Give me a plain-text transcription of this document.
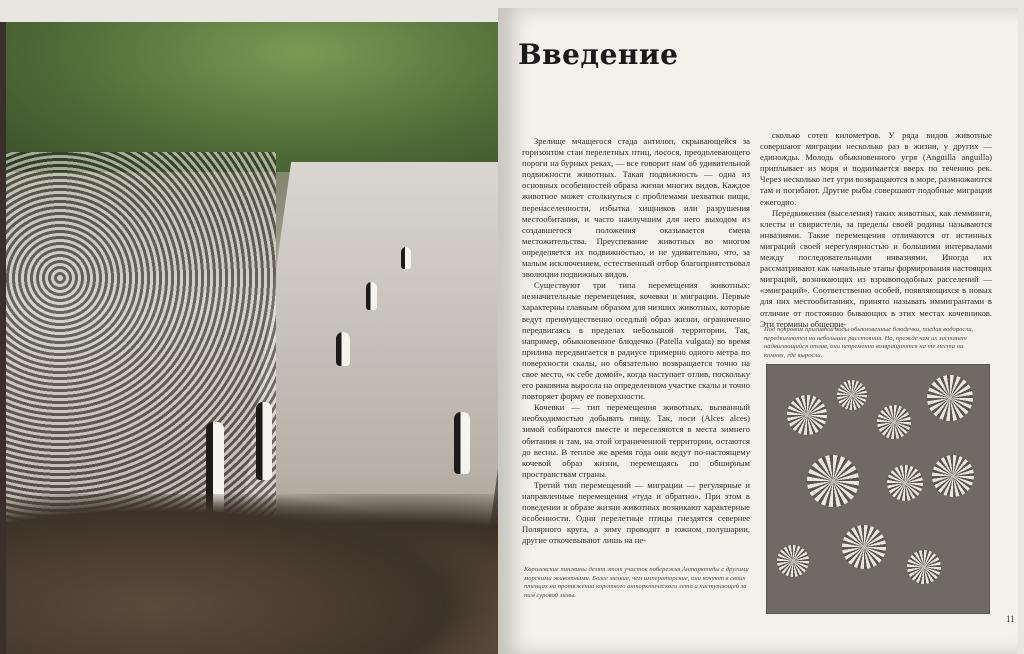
Введение

Зрелище мчащегося стада антилоп, скрывающейся за горизонтом стаи перелетных птиц, лосося, преодолевающего пороги на бурных реках, — все говорит нам об удивительной подвижности животных. Такая подвижность — одна из основных особенностей образа жизни многих видов. Каждое животное может столкнуться с проблемами нехватки пищи, перенаселенности, избытка хищников или разрушения местообитания, и часто наилучшим для него выходом из создавшегося положения оказывается смена местожительства. Преуспевание животных во многом определяется их подвижностью, и не удивительно, что, за малым исключением, естественный отбор благоприятствовал эволюции подвижных видов.

Существуют три типа перемещения животных: незначительные перемещения, кочевки и миграции. Первые характерны главным образом для низших животных, которые ведут преимущественно оседлый образ жизни, ограниченно передвигаясь в пределах небольшой территории. Так, например, обыкновенное блюдечко (Patella vulgata) во время прилива передвигается в радиусе примерно одного метра по поверхности скалы, но обязательно возвращается точно на свое место, «к себе домой», когда наступает отлив, поскольку его раковина выросла на определенном участке скалы и точно повторяет форму ее поверхности.

Кочевки — тип перемещения животных, вызванный необходимостью добывать пищу. Так, лоси (Alces alces) зимой собираются вместе и переселяются в места зимнего обитания и там, на этой ограниченной территории, остаются до весны. В теплое же время года они ведут по-настоящему кочевой образ жизни, перемещаясь по обширным пространствам страны.

Третий тип перемещений — миграции — регулярные и направленные перемещения «туда и обратно». При этом в поведении и образе жизни животных возникают характерные особенности. Одни перелетные птицы гнездятся севернее Полярного круга, а зиму проводят в южном полушарии, другие откочевывают лишь на не-

сколько сотен километров. У ряда видов животные совершают миграции несколько раз в жизни, у других — единожды. Молодь обыкновенного угря (Anguilla anguilla) приплывает из моря и поднимается вверх по течению рек. Через несколько лет угри возвращаются в море, размножаются там и погибают. Другие рыбы совершают подобные миграции ежегодно.

Передвижения (выселения) таких животных, как лемминги, клесты и свиристели, за пределы своей родины называются инвазиями. Такие перемещения отличаются от истинных миграций своей нерегулярностью и большими интервалами между последовательными инвазиями. Иногда их рассматривают как начальные этапы формирования настоящих миграций, возникающих из взрывоподобных расселений — «эмиграций». Соответственно особей, появляющихся в новых для них местообитаниях, принято называть иммигрантами в отличие от постоянно бывающих в этих местах кочевников. Эти термины общепри-

Под покровом приливной воды обыкновенные блюдечки, поедая водоросли, передвигаются на небольшие расстояния. Но, прежде чем их застанет надвигающийся отлив, они непременно возвращаются на те места на камнях, где выросли.
11
Королевские пингвины делят этот участок побережья Антарктиды с другими морскими животными. Более мелкие, чем императорские, они кочуют в своих птенцах на протяжении короткого антарктического лета и наступающей за ним суровой зимы.
